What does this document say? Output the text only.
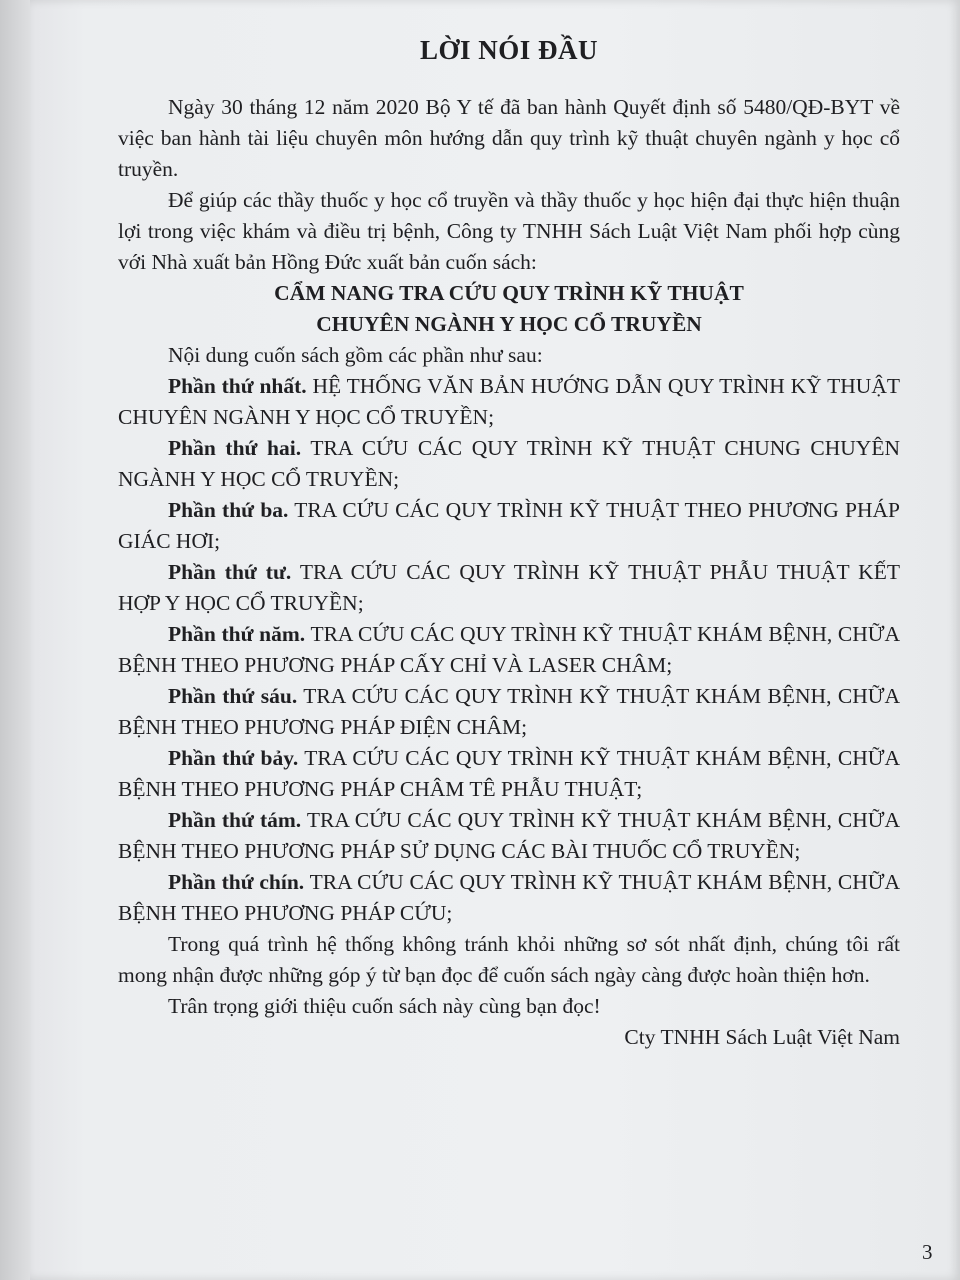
LỜI NÓI ĐẦU

Ngày 30 tháng 12 năm 2020 Bộ Y tế đã ban hành Quyết định số 5480/QĐ-BYT về việc ban hành tài liệu chuyên môn hướng dẫn quy trình kỹ thuật chuyên ngành y học cổ truyền.

Để giúp các thầy thuốc y học cổ truyền và thầy thuốc y học hiện đại thực hiện thuận lợi trong việc khám và điều trị bệnh, Công ty TNHH Sách Luật Việt Nam phối hợp cùng với Nhà xuất bản Hồng Đức xuất bản cuốn sách:

CẨM NANG TRA CỨU QUY TRÌNH KỸ THUẬT

CHUYÊN NGÀNH Y HỌC CỔ TRUYỀN

Nội dung cuốn sách gồm các phần như sau:

Phần thứ nhất. HỆ THỐNG VĂN BẢN HƯỚNG DẪN QUY TRÌNH KỸ THUẬT CHUYÊN NGÀNH Y HỌC CỔ TRUYỀN;

Phần thứ hai. TRA CỨU CÁC QUY TRÌNH KỸ THUẬT CHUNG CHUYÊN NGÀNH Y HỌC CỔ TRUYỀN;

Phần thứ ba. TRA CỨU CÁC QUY TRÌNH KỸ THUẬT THEO PHƯƠNG PHÁP GIÁC HƠI;

Phần thứ tư. TRA CỨU CÁC QUY TRÌNH KỸ THUẬT PHẪU THUẬT KẾT HỢP Y HỌC CỔ TRUYỀN;

Phần thứ năm. TRA CỨU CÁC QUY TRÌNH KỸ THUẬT KHÁM BỆNH, CHỮA BỆNH THEO PHƯƠNG PHÁP CẤY CHỈ VÀ LASER CHÂM;

Phần thứ sáu. TRA CỨU CÁC QUY TRÌNH KỸ THUẬT KHÁM BỆNH, CHỮA BỆNH THEO PHƯƠNG PHÁP ĐIỆN CHÂM;

Phần thứ bảy. TRA CỨU CÁC QUY TRÌNH KỸ THUẬT KHÁM BỆNH, CHỮA BỆNH THEO PHƯƠNG PHÁP CHÂM TÊ PHẪU THUẬT;

Phần thứ tám. TRA CỨU CÁC QUY TRÌNH KỸ THUẬT KHÁM BỆNH, CHỮA BỆNH THEO PHƯƠNG PHÁP SỬ DỤNG CÁC BÀI THUỐC CỔ TRUYỀN;

Phần thứ chín. TRA CỨU CÁC QUY TRÌNH KỸ THUẬT KHÁM BỆNH, CHỮA BỆNH THEO PHƯƠNG PHÁP CỨU;

Trong quá trình hệ thống không tránh khỏi những sơ sót nhất định, chúng tôi rất mong nhận được những góp ý từ bạn đọc để cuốn sách ngày càng được hoàn thiện hơn.

Trân trọng giới thiệu cuốn sách này cùng bạn đọc!

Cty TNHH Sách Luật Việt Nam

3
